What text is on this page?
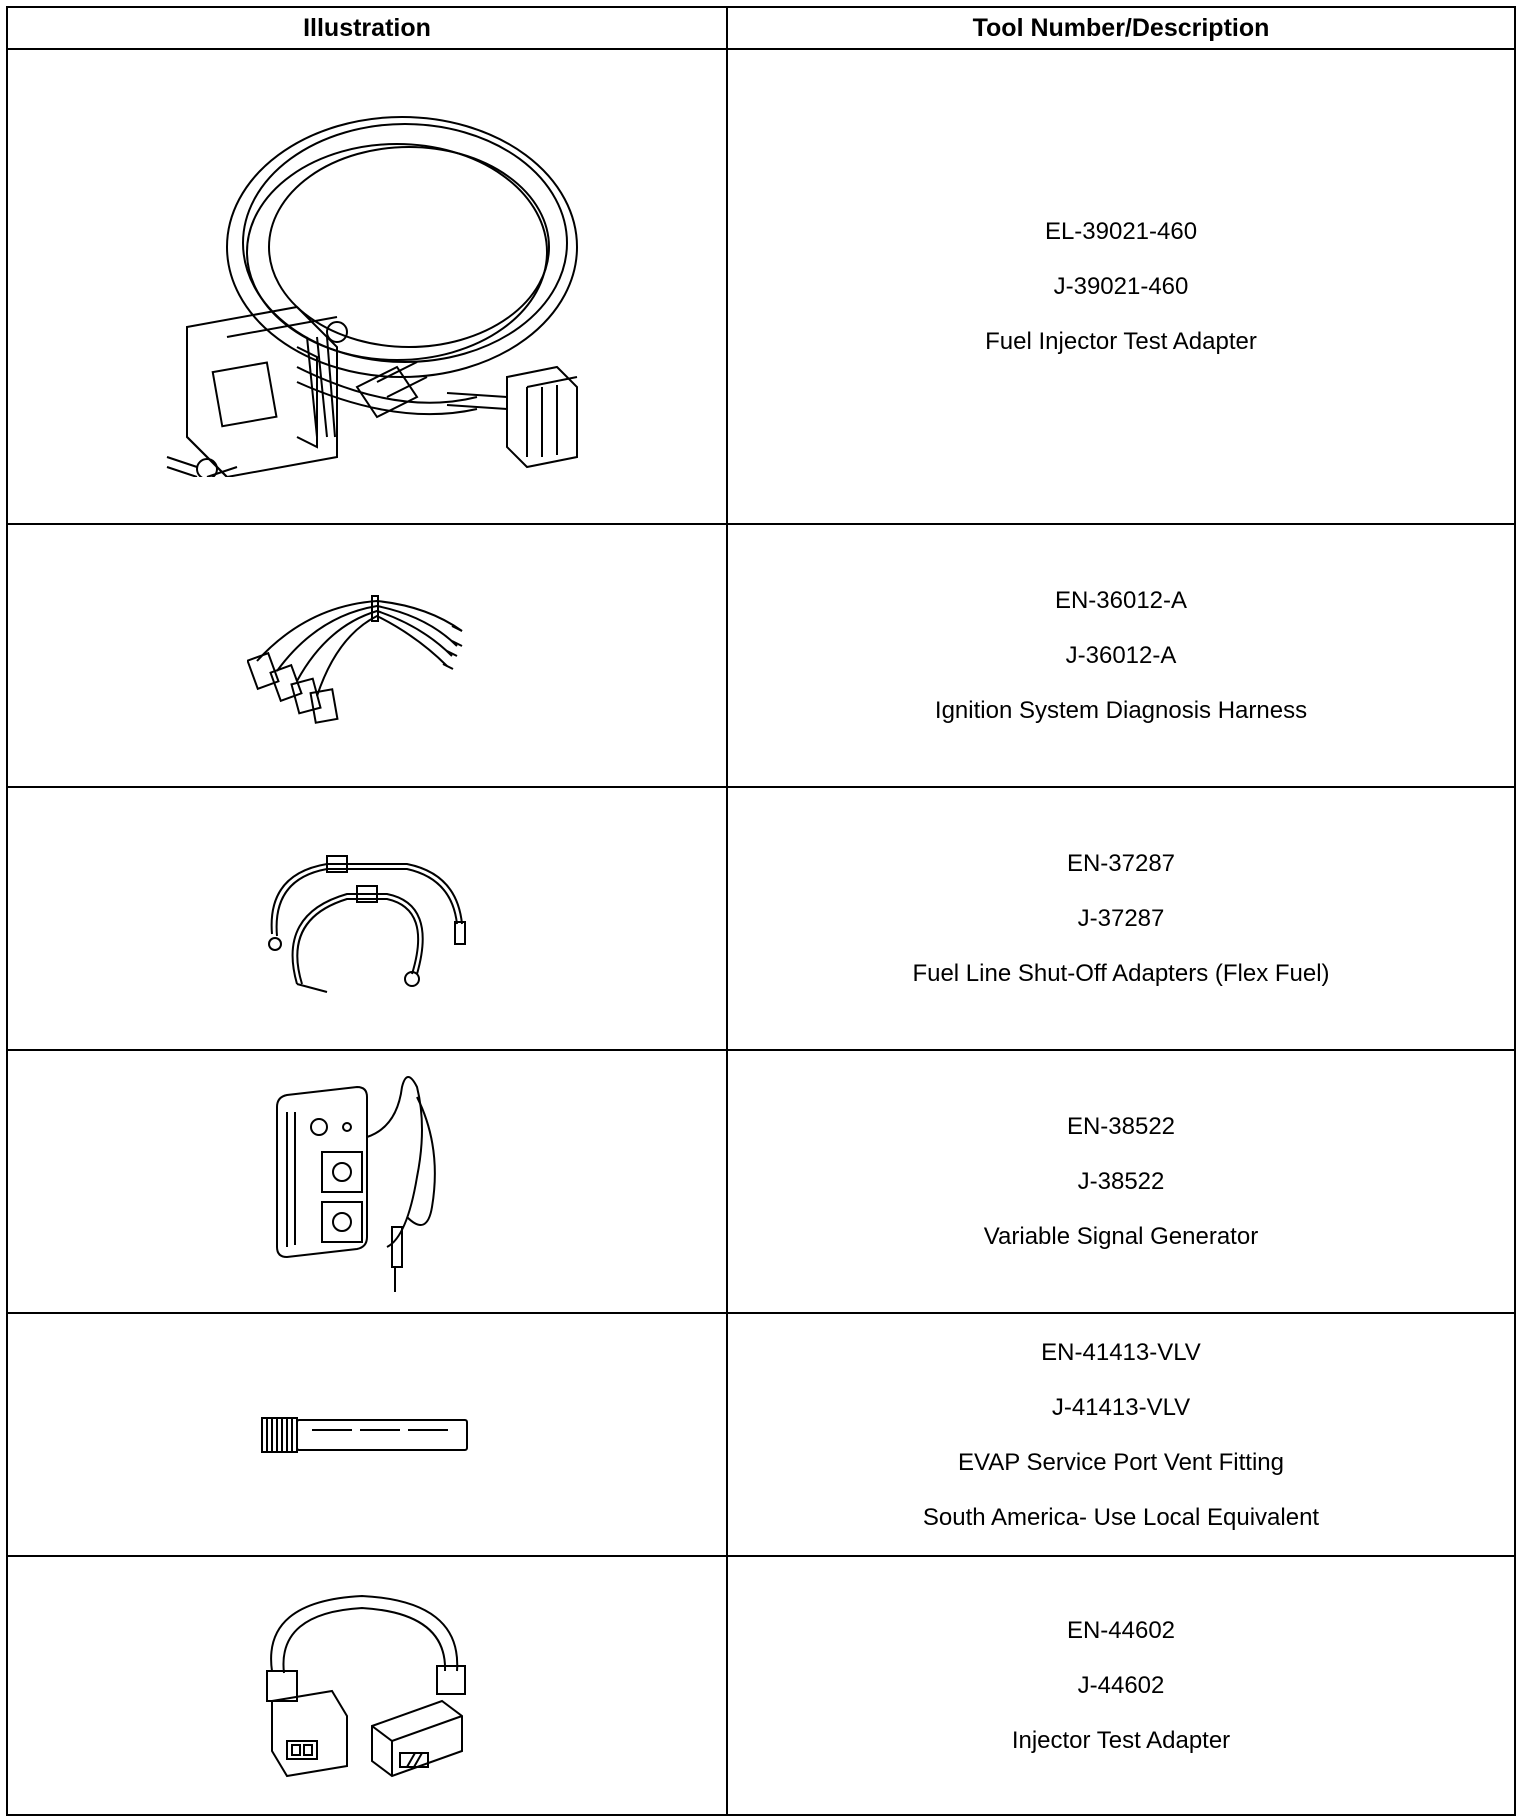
Illustration	Tool Number/Description

EL-39021-460
J-39021-460
Fuel Injector Test Adapter

EN-36012-A
J-36012-A
Ignition System Diagnosis Harness

EN-37287
J-37287
Fuel Line Shut-Off Adapters (Flex Fuel)

EN-38522
J-38522
Variable Signal Generator

EN-41413-VLV
J-41413-VLV
EVAP Service Port Vent Fitting
South America- Use Local Equivalent

EN-44602
J-44602
Injector Test Adapter
